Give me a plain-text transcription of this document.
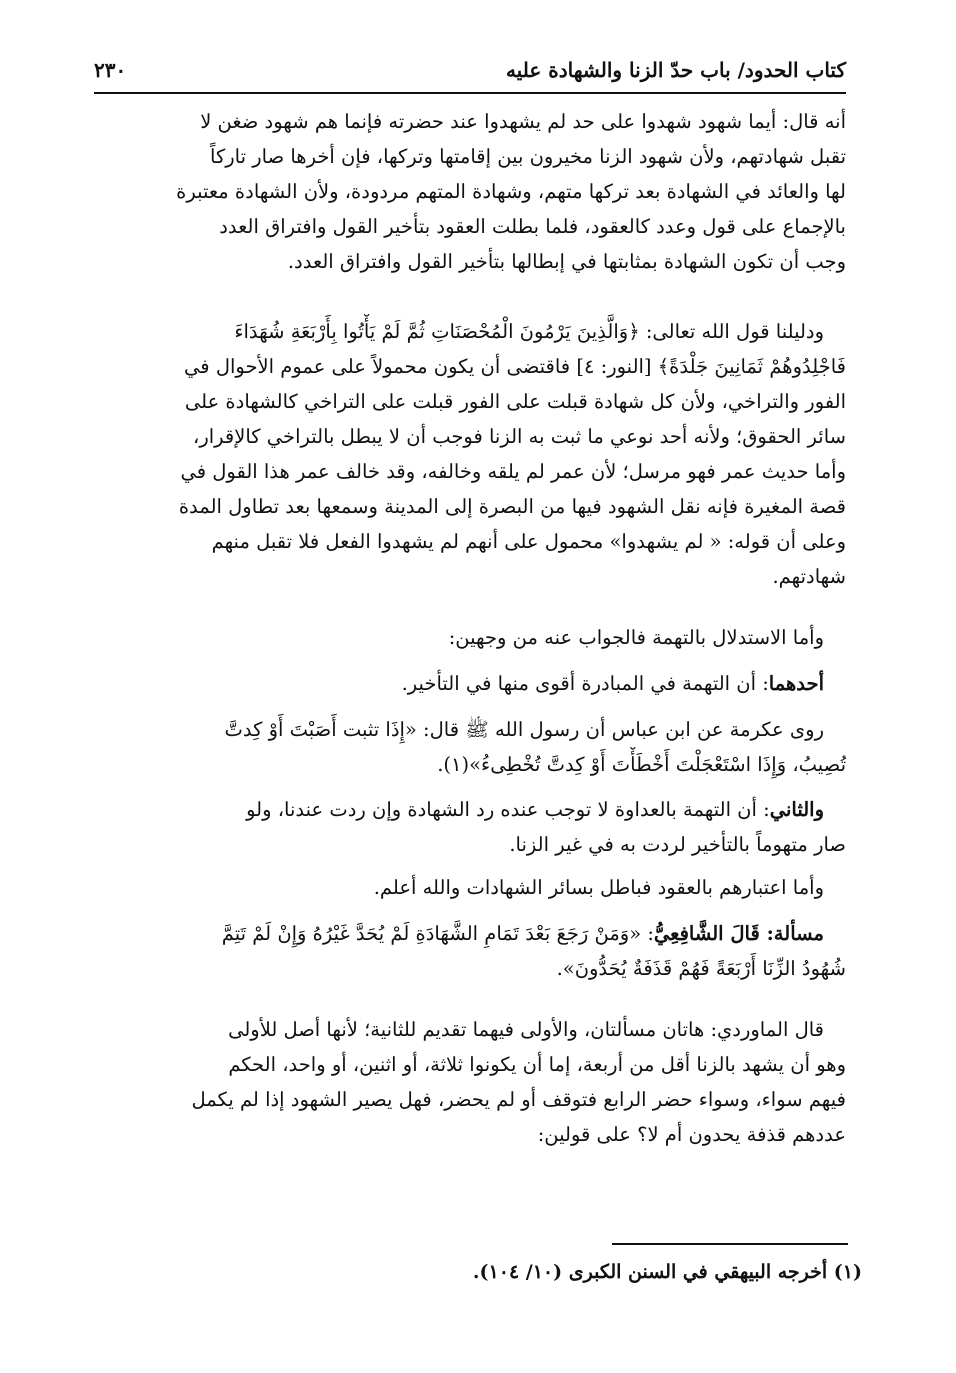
كتاب الحدود/ باب حدّ الزنا والشهادة عليه
٢٣٠
أنه قال: أيما شهود شهدوا على حد لم يشهدوا عند حضرته فإنما هم شهود ضغن لا
تقبل شهادتهم، ولأن شهود الزنا مخيرون بين إقامتها وتركها، فإن أخرها صار تاركاً
لها والعائد في الشهادة بعد تركها متهم، وشهادة المتهم مردودة، ولأن الشهادة معتبرة
بالإجماع على قول وعدد كالعقود، فلما بطلت العقود بتأخير القول وافتراق العدد
وجب أن تكون الشهادة بمثابتها في إبطالها بتأخير القول وافتراق العدد.
ودليلنا قول الله تعالى: ﴿وَالَّذِينَ يَرْمُونَ الْمُحْصَنَاتِ ثُمَّ لَمْ يَأْتُوا بِأَرْبَعَةِ شُهَدَاءَ
فَاجْلِدُوهُمْ ثَمَانِينَ جَلْدَةً﴾ [النور: ٤] فاقتضى أن يكون محمولاً على عموم الأحوال في
الفور والتراخي، ولأن كل شهادة قبلت على الفور قبلت على التراخي كالشهادة على
سائر الحقوق؛ ولأنه أحد نوعي ما ثبت به الزنا فوجب أن لا يبطل بالتراخي كالإقرار،
وأما حديث عمر فهو مرسل؛ لأن عمر لم يلقه وخالفه، وقد خالف عمر هذا القول في
قصة المغيرة فإنه نقل الشهود فيها من البصرة إلى المدينة وسمعها بعد تطاول المدة
وعلى أن قوله: « لم يشهدوا» محمول على أنهم لم يشهدوا الفعل فلا تقبل منهم
شهادتهم.
وأما الاستدلال بالتهمة فالجواب عنه من وجهين:
أحدهما: أن التهمة في المبادرة أقوى منها في التأخير.
روى عكرمة عن ابن عباس أن رسول الله ﷺ قال: «إِذَا تثبت أَصَبْتَ أَوْ كِدتَّ
تُصِيبُ، وَإِذَا اسْتَعْجَلْتَ أَخْطَأْتَ أَوْ كِدتَّ تُخْطِىءُ»(١).
والثاني: أن التهمة بالعداوة لا توجب عنده رد الشهادة وإن ردت عندنا، ولو
صار متهوماً بالتأخير لردت به في غير الزنا.
وأما اعتبارهم بالعقود فباطل بسائر الشهادات والله أعلم.
مسألة: قَالَ الشَّافِعِيُّ: «وَمَنْ رَجَعَ بَعْدَ تَمَامِ الشَّهَادَةِ لَمْ يُحَدَّ غَيْرُهُ وَإِنْ لَمْ تَتِمَّ
شُهُودُ الزِّنَا أَرْبَعَةً فَهُمْ قَذَفَةٌ يُحَدُّونَ».
قال الماوردي: هاتان مسألتان، والأولى فيهما تقديم للثانية؛ لأنها أصل للأولى
وهو أن يشهد بالزنا أقل من أربعة، إما أن يكونوا ثلاثة، أو اثنين، أو واحد، الحكم
فيهم سواء، وسواء حضر الرابع فتوقف أو لم يحضر، فهل يصير الشهود إذا لم يكمل
عددهم قذفة يحدون أم لا؟ على قولين:
(١) أخرجه البيهقي في السنن الكبرى (١٠/ ١٠٤).
